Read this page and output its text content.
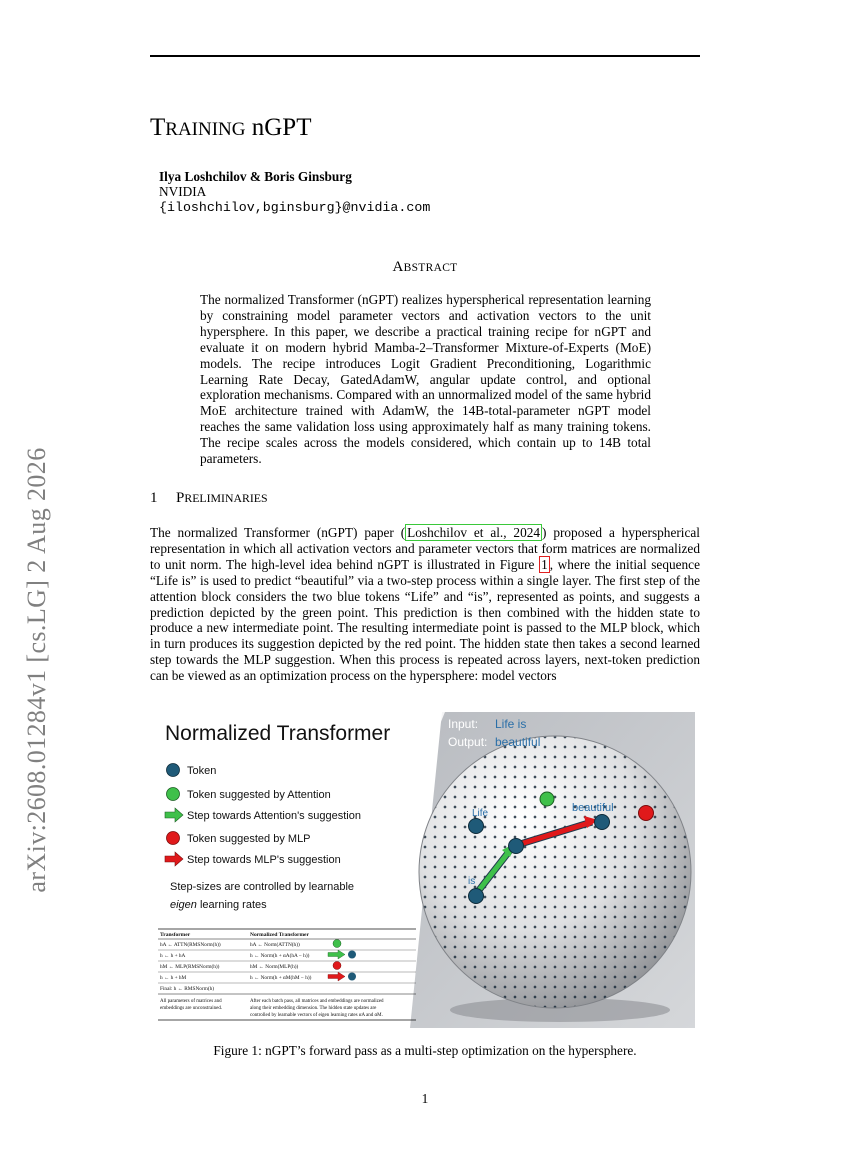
TRAINING nGPT
Ilya Loshchilov & Boris Ginsburg
NVIDIA
{iloshchilov,bginsburg}@nvidia.com
ABSTRACT
The normalized Transformer (nGPT) realizes hyperspherical representation learning by constraining model parameter vectors and activation vectors to the unit hypersphere. In this paper, we describe a practical training recipe for nGPT and evaluate it on modern hybrid Mamba-2–Transformer Mixture-of-Experts (MoE) models. The recipe introduces Logit Gradient Preconditioning, Logarithmic Learning Rate Decay, GatedAdamW, angular update control, and optional exploration mechanisms. Compared with an unnormalized model of the same hybrid MoE architecture trained with AdamW, the 14B-total-parameter nGPT model reaches the same validation loss using approximately half as many training tokens. The recipe scales across the models considered, which contain up to 14B total parameters.
1 PRELIMINARIES
The normalized Transformer (nGPT) paper ( Loshchilov et al., 2024 ) proposed a hyperspherical representation in which all activation vectors and parameter vectors that form matrices are normalized to unit norm. The high-level idea behind nGPT is illustrated in Figure 1 , where the initial sequence “Life is” is used to predict “beautiful” via a two-step process within a single layer. The first step of the attention block considers the two blue tokens “Life” and “is”, represented as points, and suggests a prediction depicted by the green point. This prediction is then combined with the hidden state to produce a new intermediate point. The resulting intermediate point is passed to the MLP block, which in turn produces its suggestion depicted by the red point. The hidden state then takes a second learned step towards the MLP suggestion. When this process is repeated across layers, next-token prediction can be viewed as an optimization process on the hypersphere: model vectors
arXiv:2608.01284v1 [cs.LG] 2 Aug 2026	Input: Life is
Output: beautiful
Life
is
beautiful
Normalized Transformer
Token
Token suggested by Attention
Step towards Attention's suggestion
Token suggested by MLP
Step towards MLP's suggestion
Step-sizes are controlled by learnable
eigen learning rates
Transformer	Normalized Transformer
hA ← ATTN(RMSNorm(h))	hA ← Norm(ATTN(h))
h ← h + hA	h ← Norm(h + αA(hA − h))
hM ← MLP(RMSNorm(h))	hM ← Norm(MLP(h))
h ← h + hM	h ← Norm(h + αM(hM − h))
Final: h ← RMSNorm(h)
All parameters of matrices and
embeddings are unconstrained.
After each batch pass, all matrices and embeddings are normalized
along their embedding dimension. The hidden state updates are
controlled by learnable vectors of eigen learning rates αA and αM.
Figure 1: nGPT’s forward pass as a multi-step optimization on the hypersphere.
1
